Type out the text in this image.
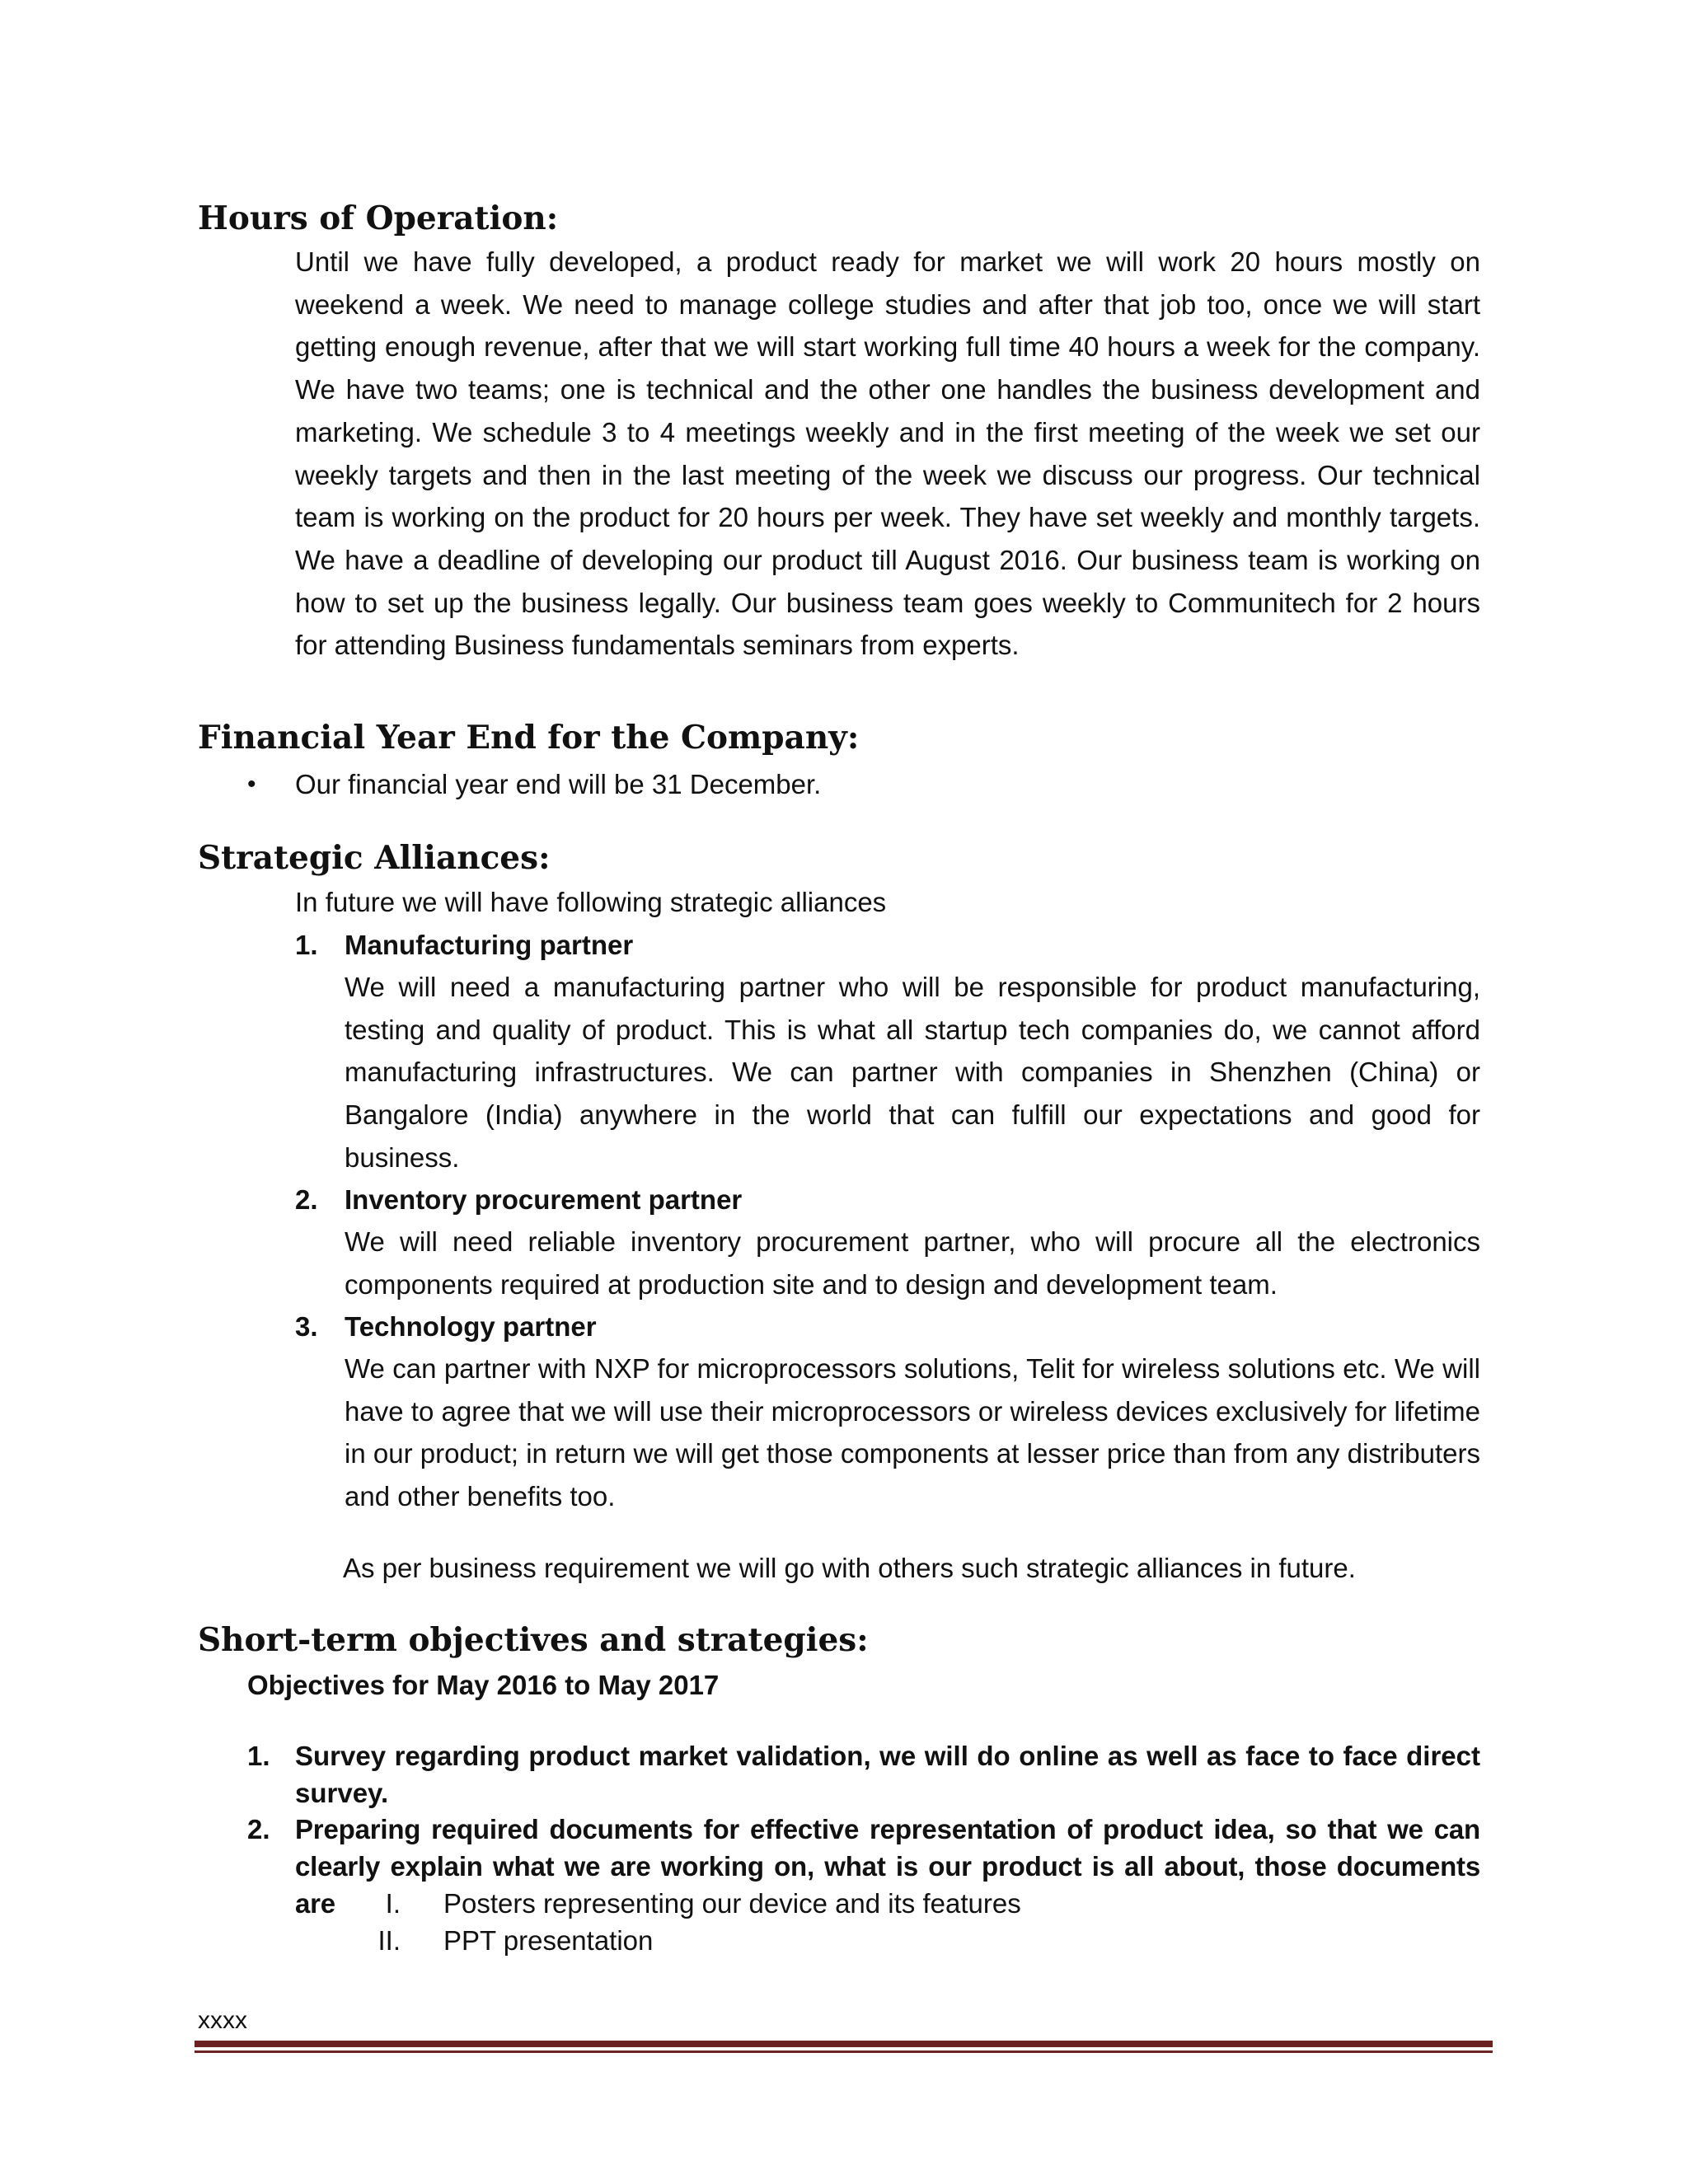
Hours of Operation:

Until we have fully developed, a product ready for market we will work 20 hours mostly on weekend a week. We need to manage college studies and after that job too, once we will start getting enough revenue, after that we will start working full time 40 hours a week for the company. We have two teams; one is technical and the other one handles the business development and marketing. We schedule 3 to 4 meetings weekly and in the first meeting of the week we set our weekly targets and then in the last meeting of the week we discuss our progress. Our technical team is working on the product for 20 hours per week. They have set weekly and monthly targets. We have a deadline of developing our product till August 2016. Our business team is working on how to set up the business legally. Our business team goes weekly to Communitech for 2 hours for attending Business fundamentals seminars from experts.

Financial Year End for the Company:
• Our financial year end will be 31 December.

Strategic Alliances:

In future we will have following strategic alliances

1. Manufacturing partner

We will need a manufacturing partner who will be responsible for product manufacturing, testing and quality of product. This is what all startup tech companies do, we cannot afford manufacturing infrastructures. We can partner with companies in Shenzhen (China) or Bangalore (India) anywhere in the world that can fulfill our expectations and good for business.

2. Inventory procurement partner

We will need reliable inventory procurement partner, who will procure all the electronics components required at production site and to design and development team.

3. Technology partner

We can partner with NXP for microprocessors solutions, Telit for wireless solutions etc. We will have to agree that we will use their microprocessors or wireless devices exclusively for lifetime in our product; in return we will get those components at lesser price than from any distributers and other benefits too.

As per business requirement we will go with others such strategic alliances in future.

Short-term objectives and strategies:

Objectives for May 2016 to May 2017

1. Survey regarding product market validation, we will do online as well as face to face direct survey.

2. Preparing required documents for effective representation of product idea, so that we can clearly explain what we are working on, what is our product is all about, those documents are	I. Posters representing our device and its features

II. PPT presentation

xxxx
